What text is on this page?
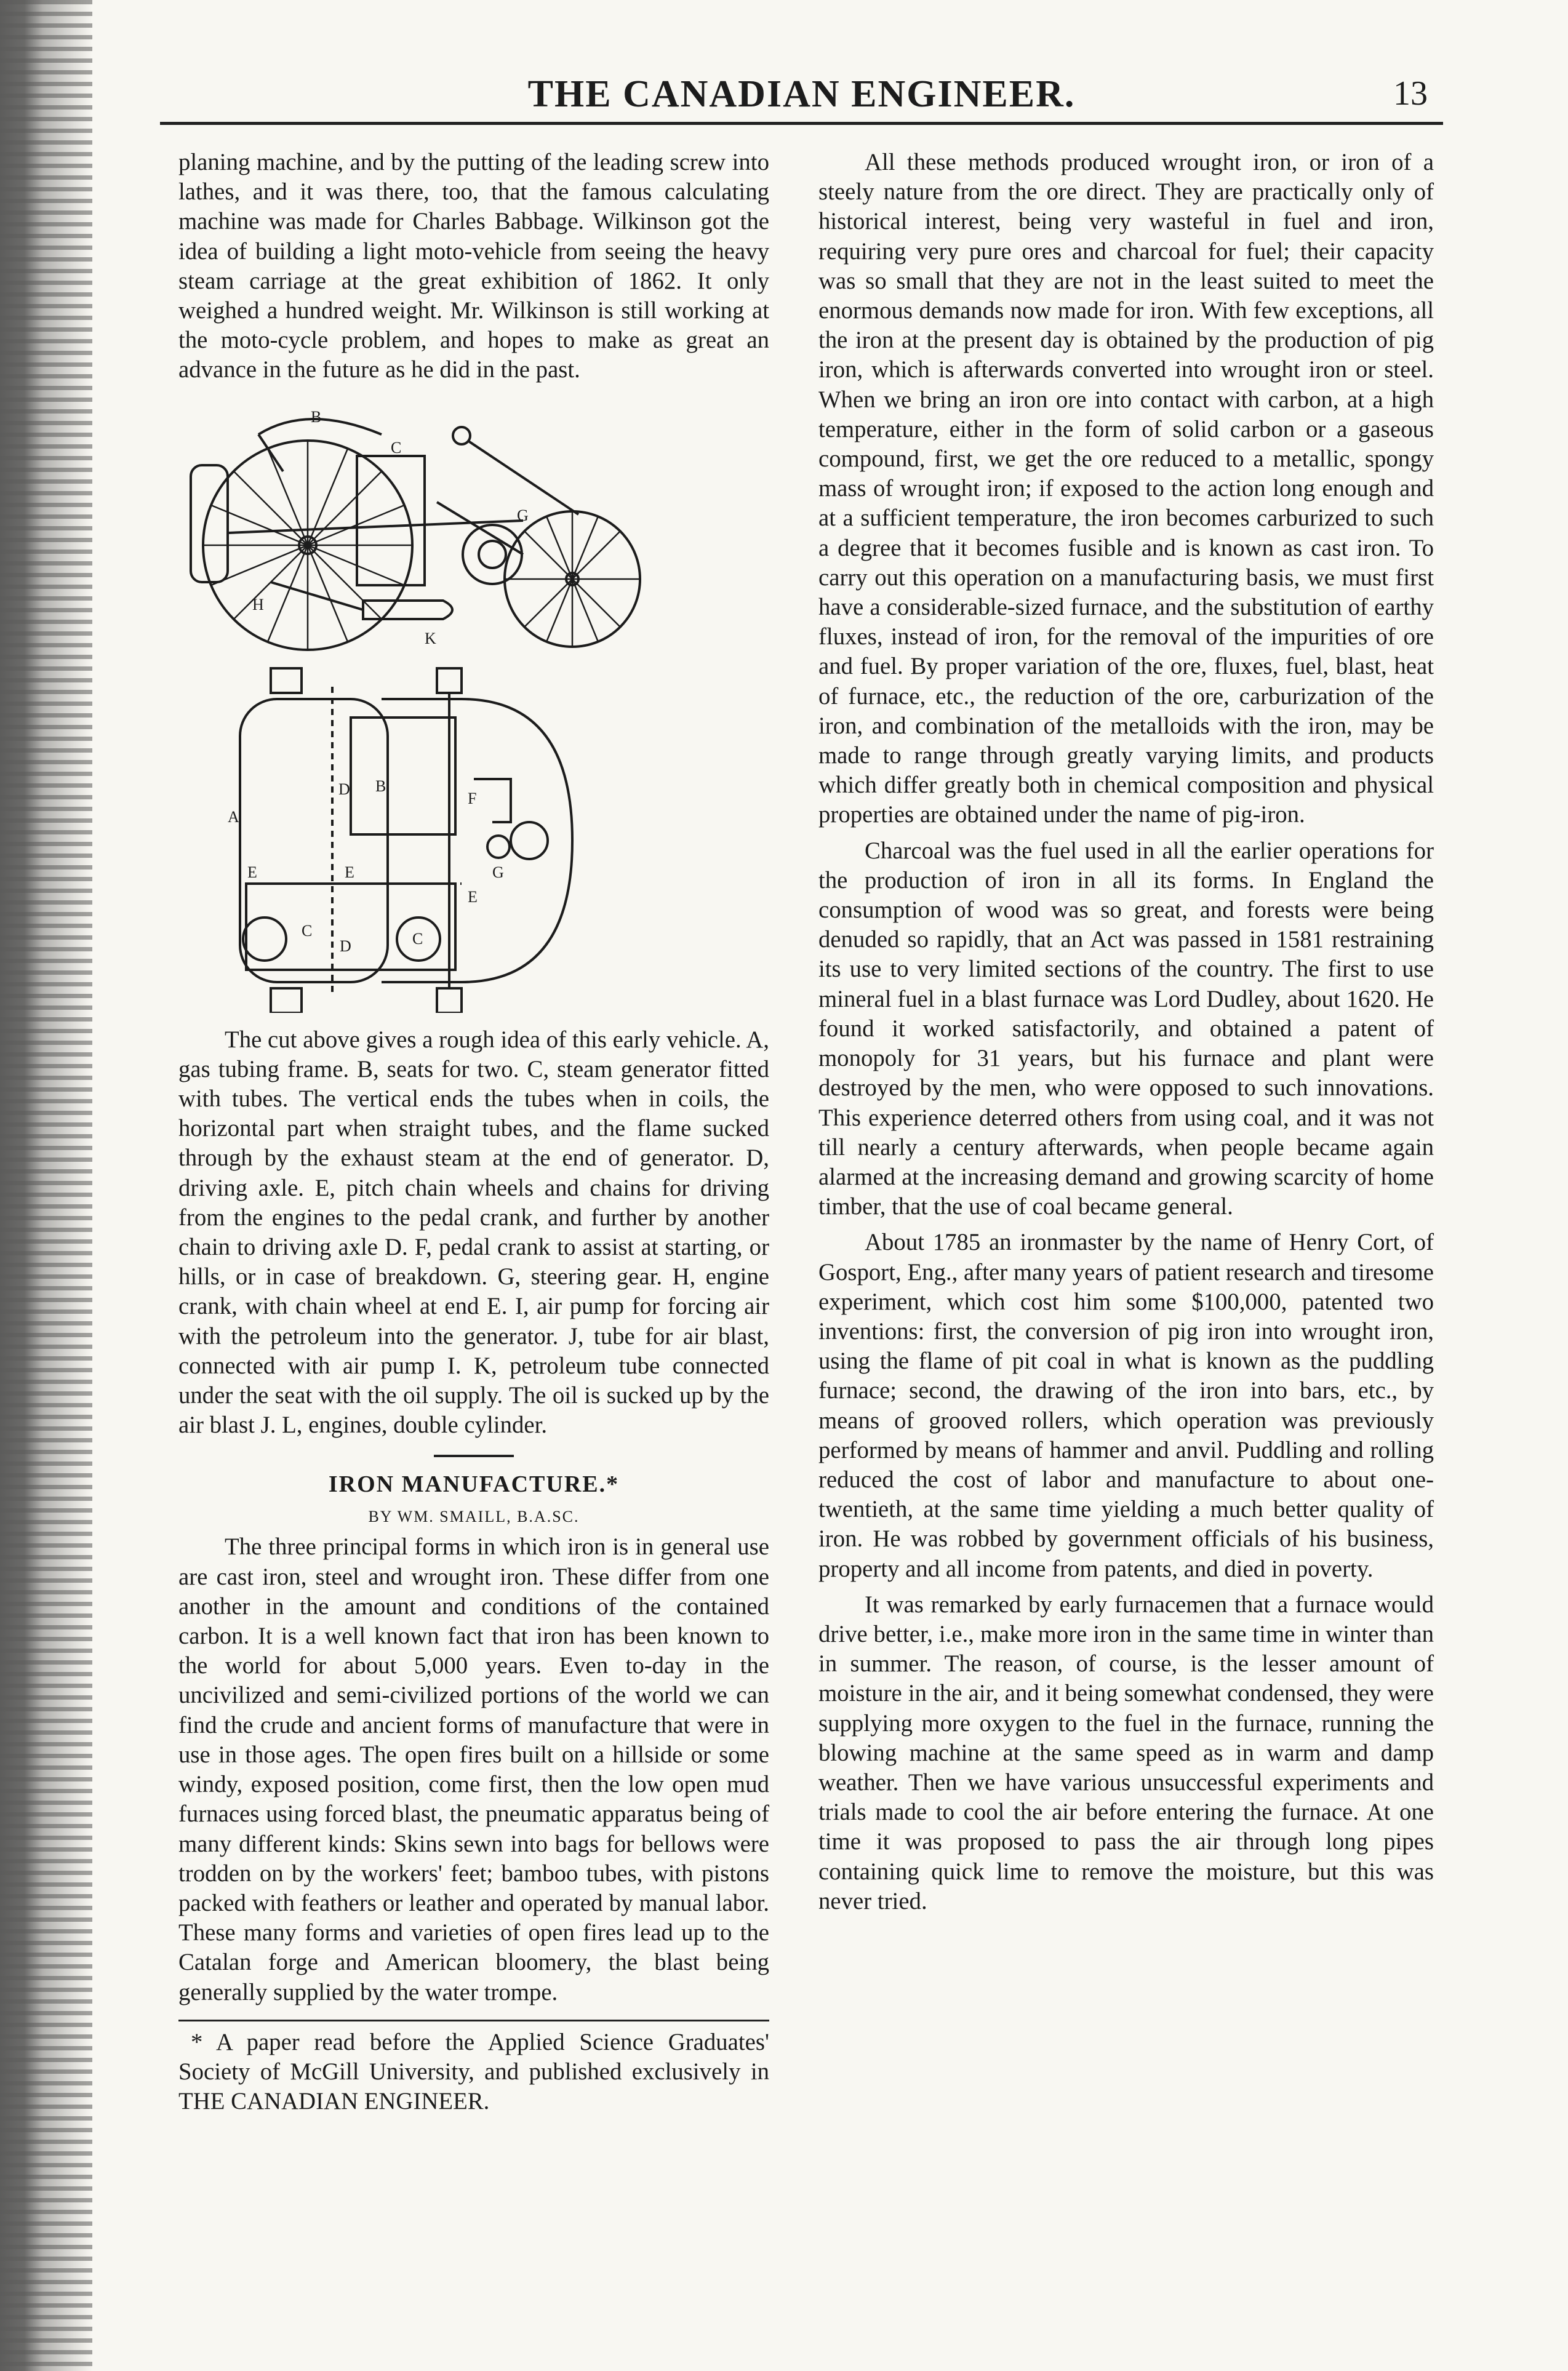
THE CANADIAN ENGINEER.	13

planing machine, and by the putting of the leading screw into lathes, and it was there, too, that the famous calculating machine was made for Charles Babbage. Wilkinson got the idea of building a light moto-vehicle from seeing the heavy steam carriage at the great exhibition of 1862. It only weighed a hundred weight. Mr. Wilkinson is still working at the moto-cycle problem, and hopes to make as great an advance in the future as he did in the past.

B
C
H
K
G
A
B
D
E	E
E
F
G
C	C
D

The cut above gives a rough idea of this early vehicle. A, gas tubing frame. B, seats for two. C, steam generator fitted with tubes. The vertical ends the tubes when in coils, the horizontal part when straight tubes, and the flame sucked through by the exhaust steam at the end of generator. D, driving axle. E, pitch chain wheels and chains for driving from the engines to the pedal crank, and further by another chain to driving axle D. F, pedal crank to assist at starting, or hills, or in case of breakdown. G, steering gear. H, engine crank, with chain wheel at end E. I, air pump for forcing air with the petroleum into the generator. J, tube for air blast, connected with air pump I. K, petroleum tube connected under the seat with the oil supply. The oil is sucked up by the air blast J. L, engines, double cylinder.

IRON MANUFACTURE.*
BY WM. SMAILL, B.A.SC.

The three principal forms in which iron is in general use are cast iron, steel and wrought iron. These differ from one another in the amount and conditions of the contained carbon. It is a well known fact that iron has been known to the world for about 5,000 years. Even to-day in the uncivilized and semi-civilized portions of the world we can find the crude and ancient forms of manufacture that were in use in those ages. The open fires built on a hillside or some windy, exposed position, come first, then the low open mud furnaces using forced blast, the pneumatic apparatus being of many different kinds: Skins sewn into bags for bellows were trodden on by the workers' feet; bamboo tubes, with pistons packed with feathers or leather and operated by manual labor. These many forms and varieties of open fires lead up to the Catalan forge and American bloomery, the blast being generally supplied by the water trompe.

* A paper read before the Applied Science Graduates' Society of McGill University, and published exclusively in THE CANADIAN ENGINEER.

All these methods produced wrought iron, or iron of a steely nature from the ore direct. They are practically only of historical interest, being very wasteful in fuel and iron, requiring very pure ores and charcoal for fuel; their capacity was so small that they are not in the least suited to meet the enormous demands now made for iron. With few exceptions, all the iron at the present day is obtained by the production of pig iron, which is afterwards converted into wrought iron or steel. When we bring an iron ore into contact with carbon, at a high temperature, either in the form of solid carbon or a gaseous compound, first, we get the ore reduced to a metallic, spongy mass of wrought iron; if exposed to the action long enough and at a sufficient temperature, the iron becomes carburized to such a degree that it becomes fusible and is known as cast iron. To carry out this operation on a manufacturing basis, we must first have a considerable-sized furnace, and the substitution of earthy fluxes, instead of iron, for the removal of the impurities of ore and fuel. By proper variation of the ore, fluxes, fuel, blast, heat of furnace, etc., the reduction of the ore, carburization of the iron, and combination of the metalloids with the iron, may be made to range through greatly varying limits, and products which differ greatly both in chemical composition and physical properties are obtained under the name of pig-iron.

Charcoal was the fuel used in all the earlier operations for the production of iron in all its forms. In England the consumption of wood was so great, and forests were being denuded so rapidly, that an Act was passed in 1581 restraining its use to very limited sections of the country. The first to use mineral fuel in a blast furnace was Lord Dudley, about 1620. He found it worked satisfactorily, and obtained a patent of monopoly for 31 years, but his furnace and plant were destroyed by the men, who were opposed to such innovations. This experience deterred others from using coal, and it was not till nearly a century afterwards, when people became again alarmed at the increasing demand and growing scarcity of home timber, that the use of coal became general.

About 1785 an ironmaster by the name of Henry Cort, of Gosport, Eng., after many years of patient research and tiresome experiment, which cost him some $100,000, patented two inventions: first, the conversion of pig iron into wrought iron, using the flame of pit coal in what is known as the puddling furnace; second, the drawing of the iron into bars, etc., by means of grooved rollers, which operation was previously performed by means of hammer and anvil. Puddling and rolling reduced the cost of labor and manufacture to about one-twentieth, at the same time yielding a much better quality of iron. He was robbed by government officials of his business, property and all income from patents, and died in poverty.

It was remarked by early furnacemen that a furnace would drive better, i.e., make more iron in the same time in winter than in summer. The reason, of course, is the lesser amount of moisture in the air, and it being somewhat condensed, they were supplying more oxygen to the fuel in the furnace, running the blowing machine at the same speed as in warm and damp weather. Then we have various unsuccessful experiments and trials made to cool the air before entering the furnace. At one time it was proposed to pass the air through long pipes containing quick lime to remove the moisture, but this was never tried.
